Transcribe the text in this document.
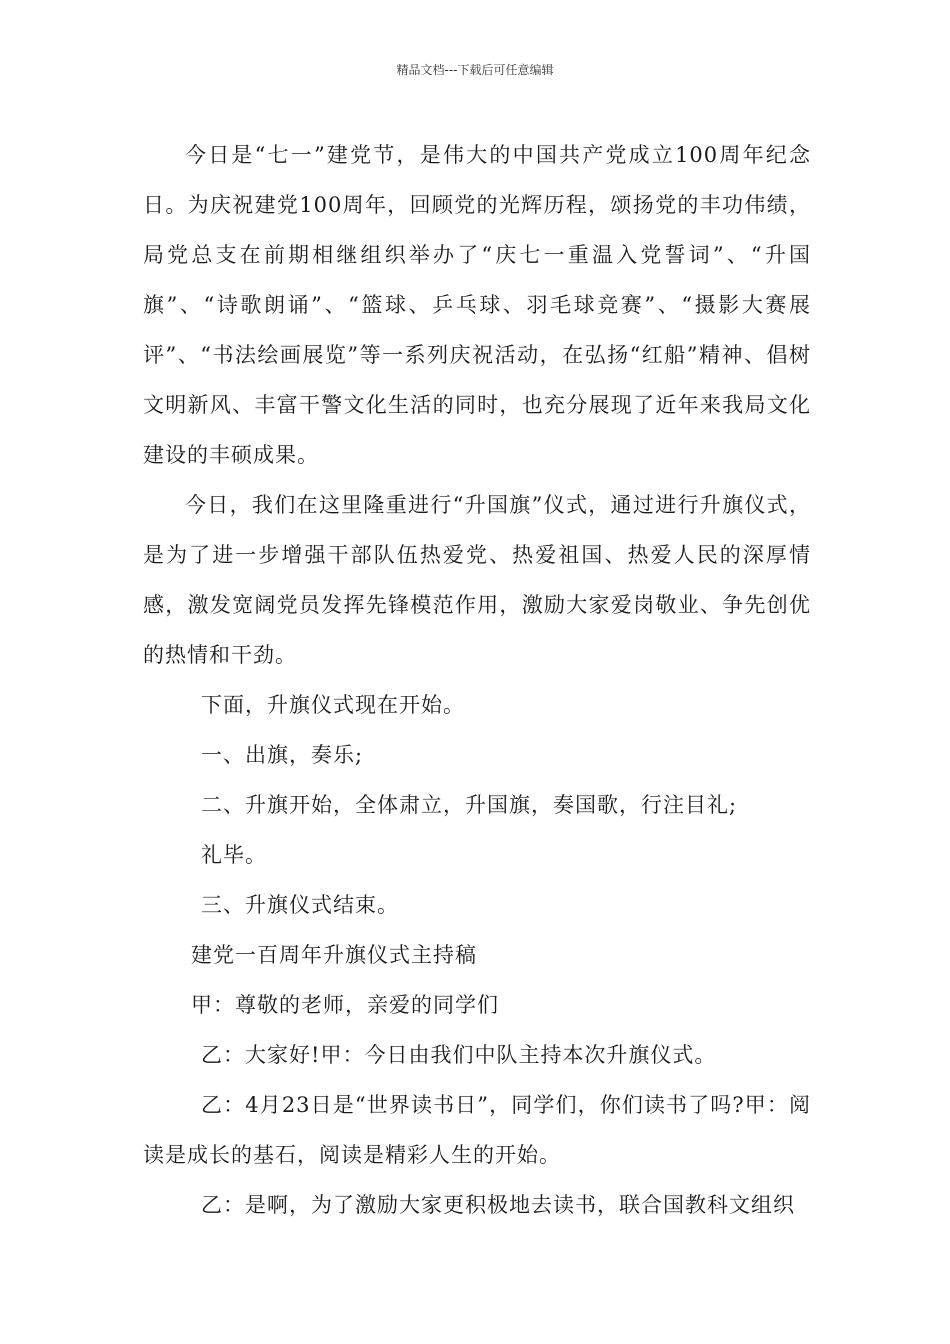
精品文档---下载后可任意编辑

今日是“七一”建党节，是伟大的中国共产党成立100周年纪念日。为庆祝建党100周年，回顾党的光辉历程，颂扬党的丰功伟绩，局党总支在前期相继组织举办了“庆七一重温入党誓词”、“升国旗”、“诗歌朗诵”、“篮球、乒乓球、羽毛球竞赛”、“摄影大赛展评”、“书法绘画展览”等一系列庆祝活动，在弘扬“红船”精神、倡树文明新风、丰富干警文化生活的同时，也充分展现了近年来我局文化建设的丰硕成果。

今日，我们在这里隆重进行“升国旗”仪式，通过进行升旗仪式，是为了进一步增强干部队伍热爱党、热爱祖国、热爱人民的深厚情感，激发宽阔党员发挥先锋模范作用，激励大家爱岗敬业、争先创优的热情和干劲。

下面，升旗仪式现在开始。

一、出旗，奏乐;

二、升旗开始，全体肃立，升国旗，奏国歌，行注目礼;

礼毕。

三、升旗仪式结束。

建党一百周年升旗仪式主持稿

甲：尊敬的老师，亲爱的同学们

乙：大家好!甲：今日由我们中队主持本次升旗仪式。

乙：4月23日是“世界读书日”，同学们，你们读书了吗?甲：阅读是成长的基石，阅读是精彩人生的开始。

乙：是啊，为了激励大家更积极地去读书，联合国教科文组织
